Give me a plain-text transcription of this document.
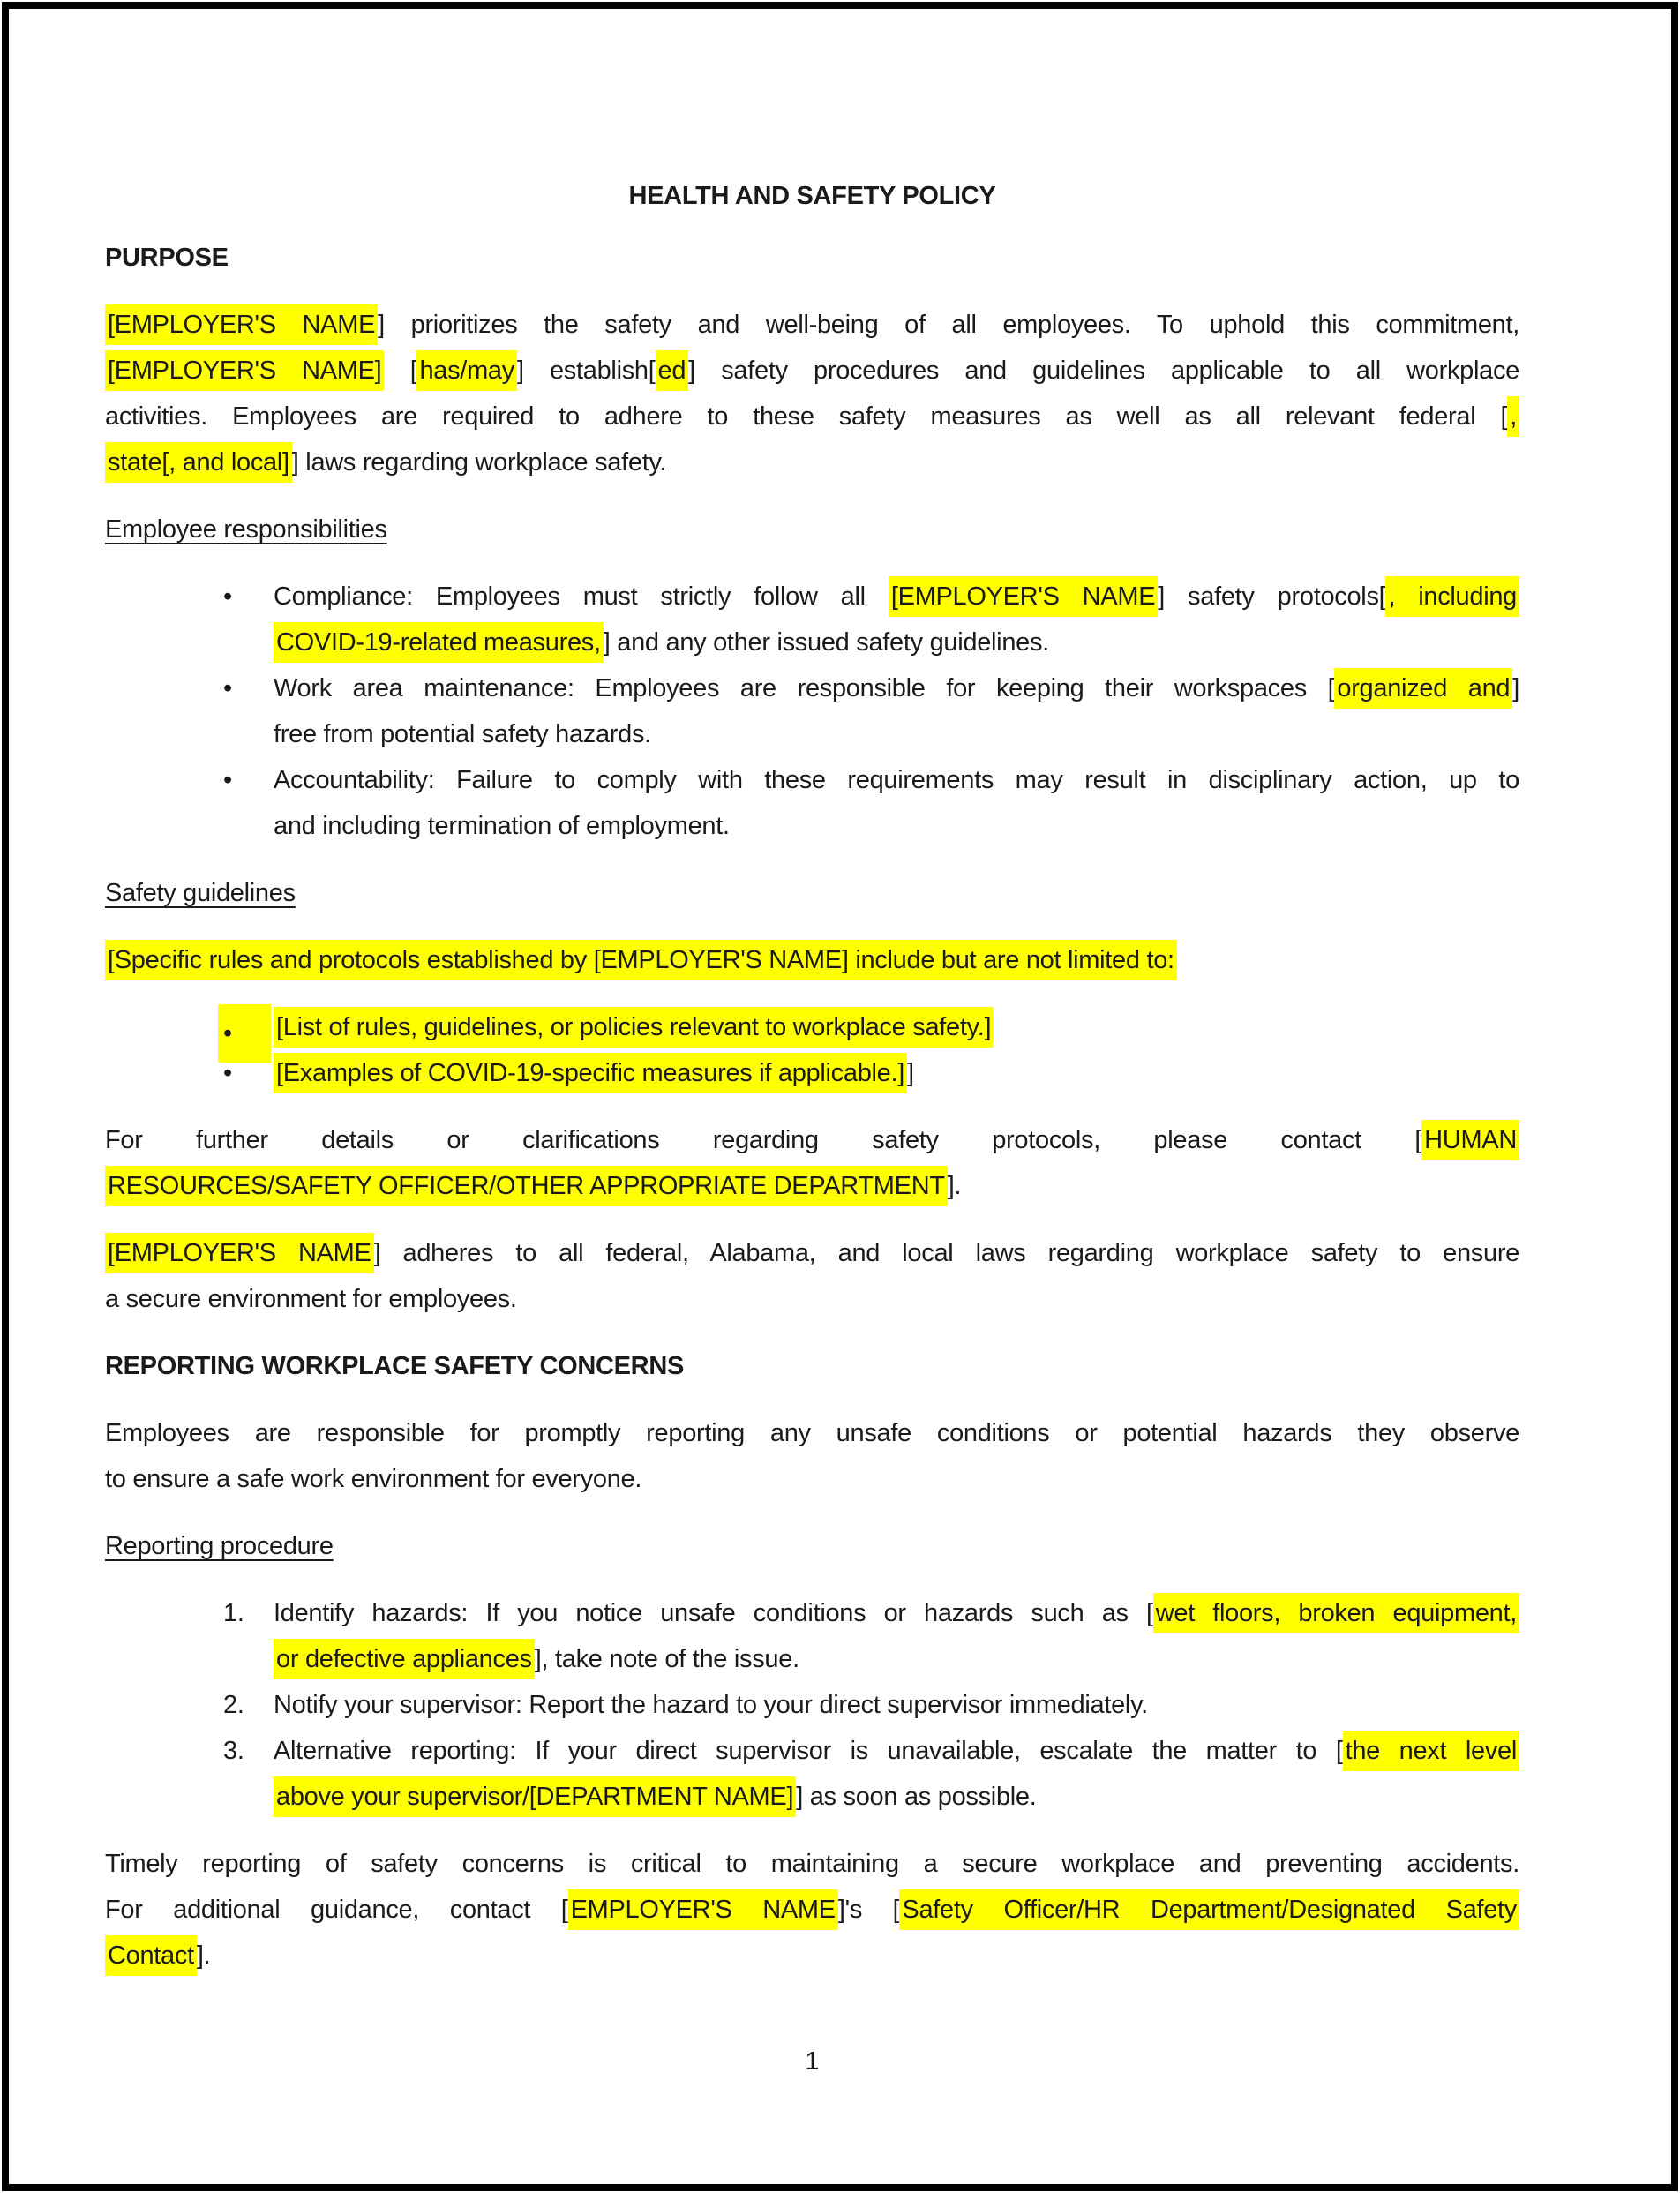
HEALTH AND SAFETY POLICY
PURPOSE
[EMPLOYER'S NAME ] prioritizes the safety and well-being of all employees. To uphold this commitment,
[EMPLOYER'S NAME] [ has/may ] establish[ ed ] safety procedures and guidelines applicable to all workplace
activities. Employees are required to adhere to these safety measures as well as all relevant federal [ ,
state[, and local] ] laws regarding workplace safety.
Employee responsibilities
• Compliance: Employees must strictly follow all [EMPLOYER'S NAME ] safety protocols[ , including
COVID-19-related measures, ] and any other issued safety guidelines.
• Work area maintenance: Employees are responsible for keeping their workspaces [ organized and ]
free from potential safety hazards.
• Accountability: Failure to comply with these requirements may result in disciplinary action, up to
and including termination of employment.
Safety guidelines
[Specific rules and protocols established by [EMPLOYER'S NAME] include but are not limited to:
•	[List of rules, guidelines, or policies relevant to workplace safety.]
• [Examples of COVID-19-specific measures if applicable.] ]
For further details or clarifications regarding safety protocols, please contact [ HUMAN
RESOURCES/SAFETY OFFICER/OTHER APPROPRIATE DEPARTMENT ].
[EMPLOYER'S NAME ] adheres to all federal, Alabama, and local laws regarding workplace safety to ensure
a secure environment for employees.
REPORTING WORKPLACE SAFETY CONCERNS
Employees are responsible for promptly reporting any unsafe conditions or potential hazards they observe
to ensure a safe work environment for everyone.
Reporting procedure
1. Identify hazards: If you notice unsafe conditions or hazards such as [ wet floors, broken equipment,
or defective appliances ], take note of the issue.
2. Notify your supervisor: Report the hazard to your direct supervisor immediately.
3. Alternative reporting: If your direct supervisor is unavailable, escalate the matter to [ the next level
above your supervisor/[DEPARTMENT NAME] ] as soon as possible.
Timely reporting of safety concerns is critical to maintaining a secure workplace and preventing accidents.
For additional guidance, contact [ EMPLOYER'S NAME ]'s [ Safety Officer/HR Department/Designated Safety
Contact ].
1
